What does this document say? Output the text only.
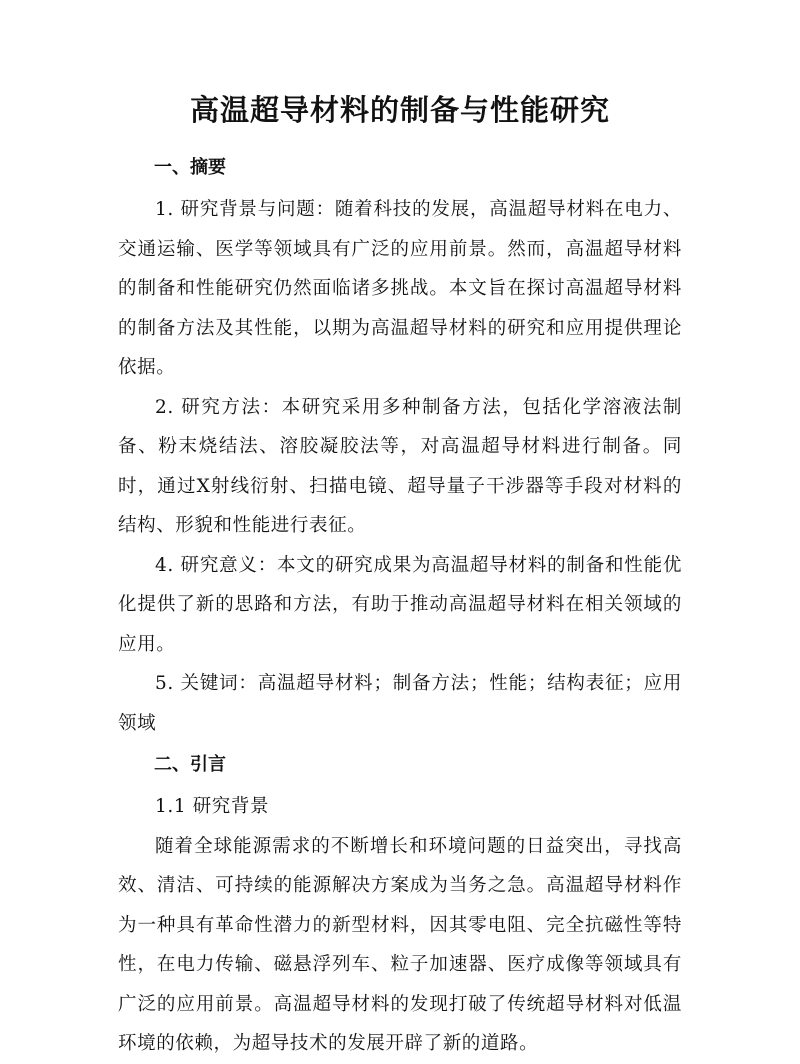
高温超导材料的制备与性能研究
一、摘要

1. 研究背景与问题：随着科技的发展，高温超导材料在电力、交通运输、医学等领域具有广泛的应用前景。然而，高温超导材料的制备和性能研究仍然面临诸多挑战。本文旨在探讨高温超导材料的制备方法及其性能，以期为高温超导材料的研究和应用提供理论依据。

2. 研究方法：本研究采用多种制备方法，包括化学溶液法制备、粉末烧结法、溶胶凝胶法等，对高温超导材料进行制备。同时，通过X射线衍射、扫描电镜、超导量子干涉器等手段对材料的结构、形貌和性能进行表征。

4. 研究意义：本文的研究成果为高温超导材料的制备和性能优化提供了新的思路和方法，有助于推动高温超导材料在相关领域的应用。

5. 关键词：高温超导材料；制备方法；性能；结构表征；应用领域

二、引言

1.1 研究背景

随着全球能源需求的不断增长和环境问题的日益突出，寻找高效、清洁、可持续的能源解决方案成为当务之急。高温超导材料作为一种具有革命性潜力的新型材料，因其零电阻、完全抗磁性等特性，在电力传输、磁悬浮列车、粒子加速器、医疗成像等领域具有广泛的应用前景。高温超导材料的发现打破了传统超导材料对低温环境的依赖，为超导技术的发展开辟了新的道路。
